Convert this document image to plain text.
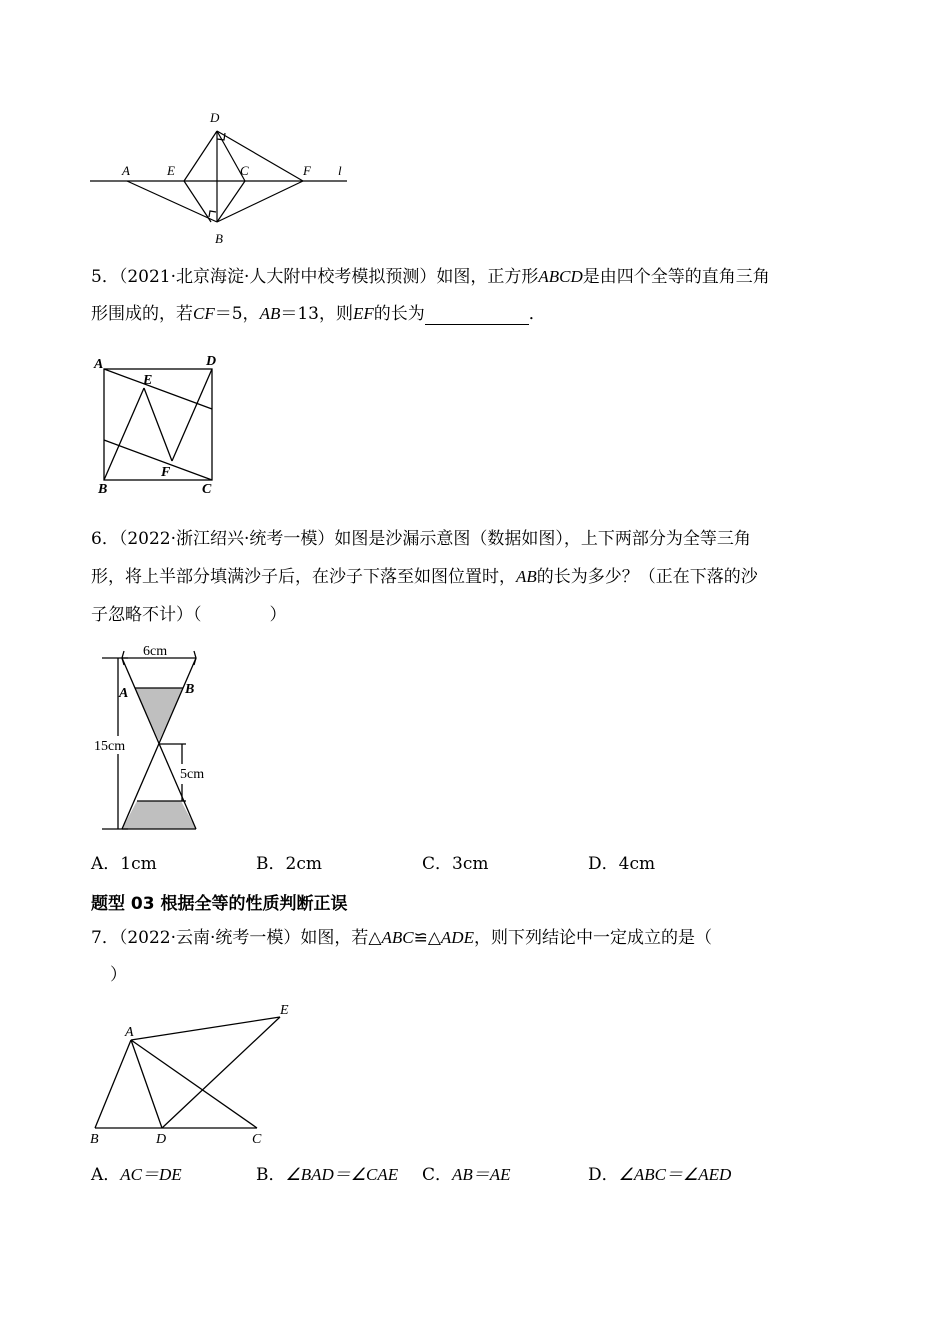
A	E	C	F l
D
B
5．（2021·北京海淀·人大附中校考模拟预测）如图，正方形ABCD是由四个全等的直角三角
形围成的，若CF＝5，AB＝13，则EF的长为	．
A	D
E
F
B	C
6．（2022·浙江绍兴·统考一模）如图是沙漏示意图（数据如图），上下两部分为全等三角
形，将上半部分填满沙子后，在沙子下落至如图位置时，AB的长为多少？（正在下落的沙
子忽略不计）（　　　　）
6cm
15cm
5cm
A	B
A．1cm	B．2cm	C．3cm	D．4cm
题型 03 根据全等的性质判断正误
7．（2022·云南·统考一模）如图，若△ABC≌△ADE，则下列结论中一定成立的是（
）
A
E
B	D	C
A．AC＝DE	B．∠BAD＝∠CAE C．AB＝AE	D．∠ABC＝∠AED
